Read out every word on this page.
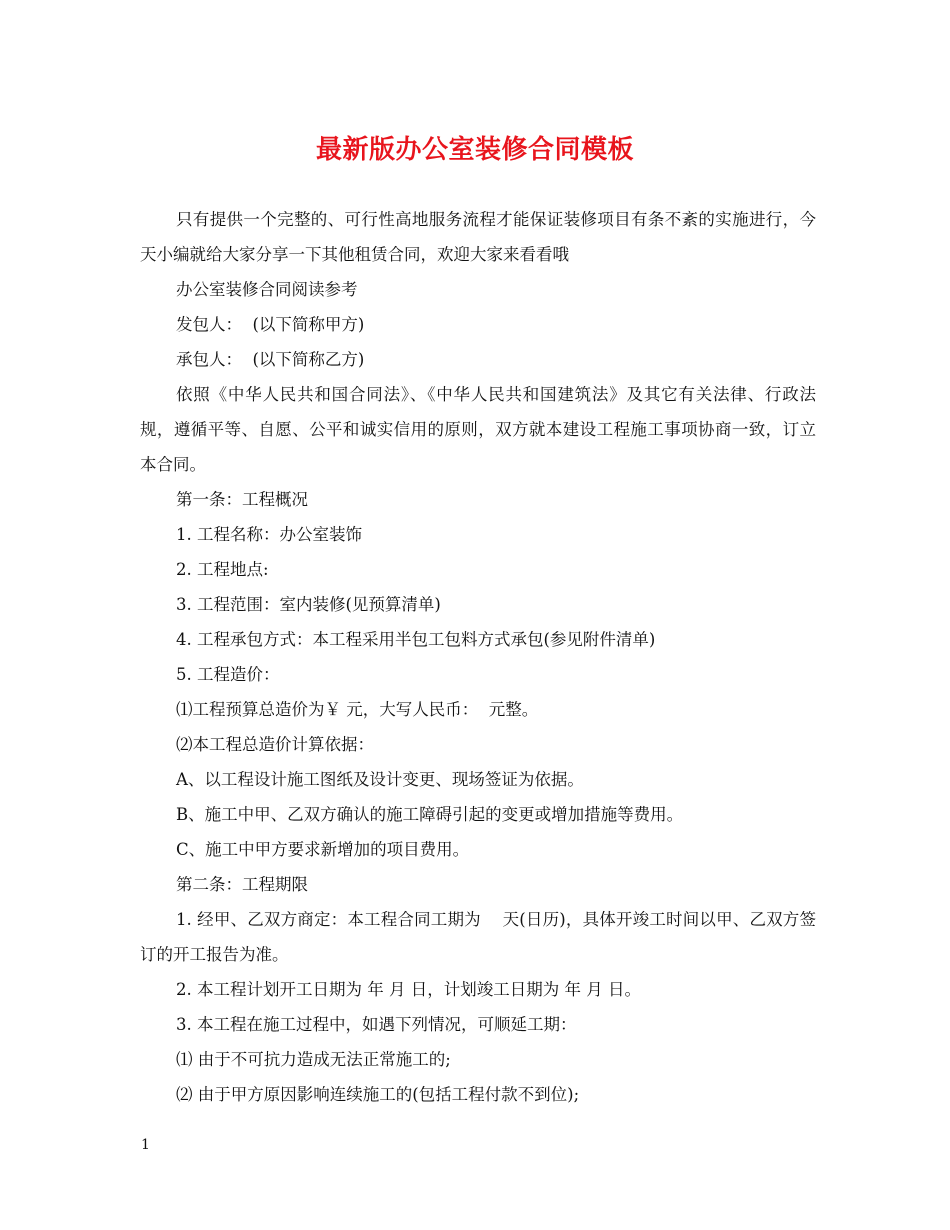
最新版办公室装修合同模板

只有提供一个完整的、可行性高地服务流程才能保证装修项目有条不紊的实施进行，今天小编就给大家分享一下其他租赁合同，欢迎大家来看看哦

办公室装修合同阅读参考

发包人：  (以下简称甲方)

承包人：  (以下简称乙方)

依照《中华人民共和国合同法》、《中华人民共和国建筑法》及其它有关法律、行政法规，遵循平等、自愿、公平和诚实信用的原则，双方就本建设工程施工事项协商一致，订立本合同。

第一条：工程概况

1. 工程名称：办公室装饰

2. 工程地点:

3. 工程范围：室内装修(见预算清单)

4. 工程承包方式：本工程采用半包工包料方式承包(参见附件清单)

5. 工程造价：

⑴工程预算总造价为￥ 元，大写人民币：  元整。

⑵本工程总造价计算依据：

A、以工程设计施工图纸及设计变更、现场签证为依据。

B、施工中甲、乙双方确认的施工障碍引起的变更或增加措施等费用。

C、施工中甲方要求新增加的项目费用。

第二条：工程期限

1. 经甲、乙双方商定：本工程合同工期为    天(日历)，具体开竣工时间以甲、乙双方签订的开工报告为准。

2. 本工程计划开工日期为 年 月 日，计划竣工日期为 年 月 日。

3. 本工程在施工过程中，如遇下列情况，可顺延工期：

⑴ 由于不可抗力造成无法正常施工的;

⑵ 由于甲方原因影响连续施工的(包括工程付款不到位);

1
